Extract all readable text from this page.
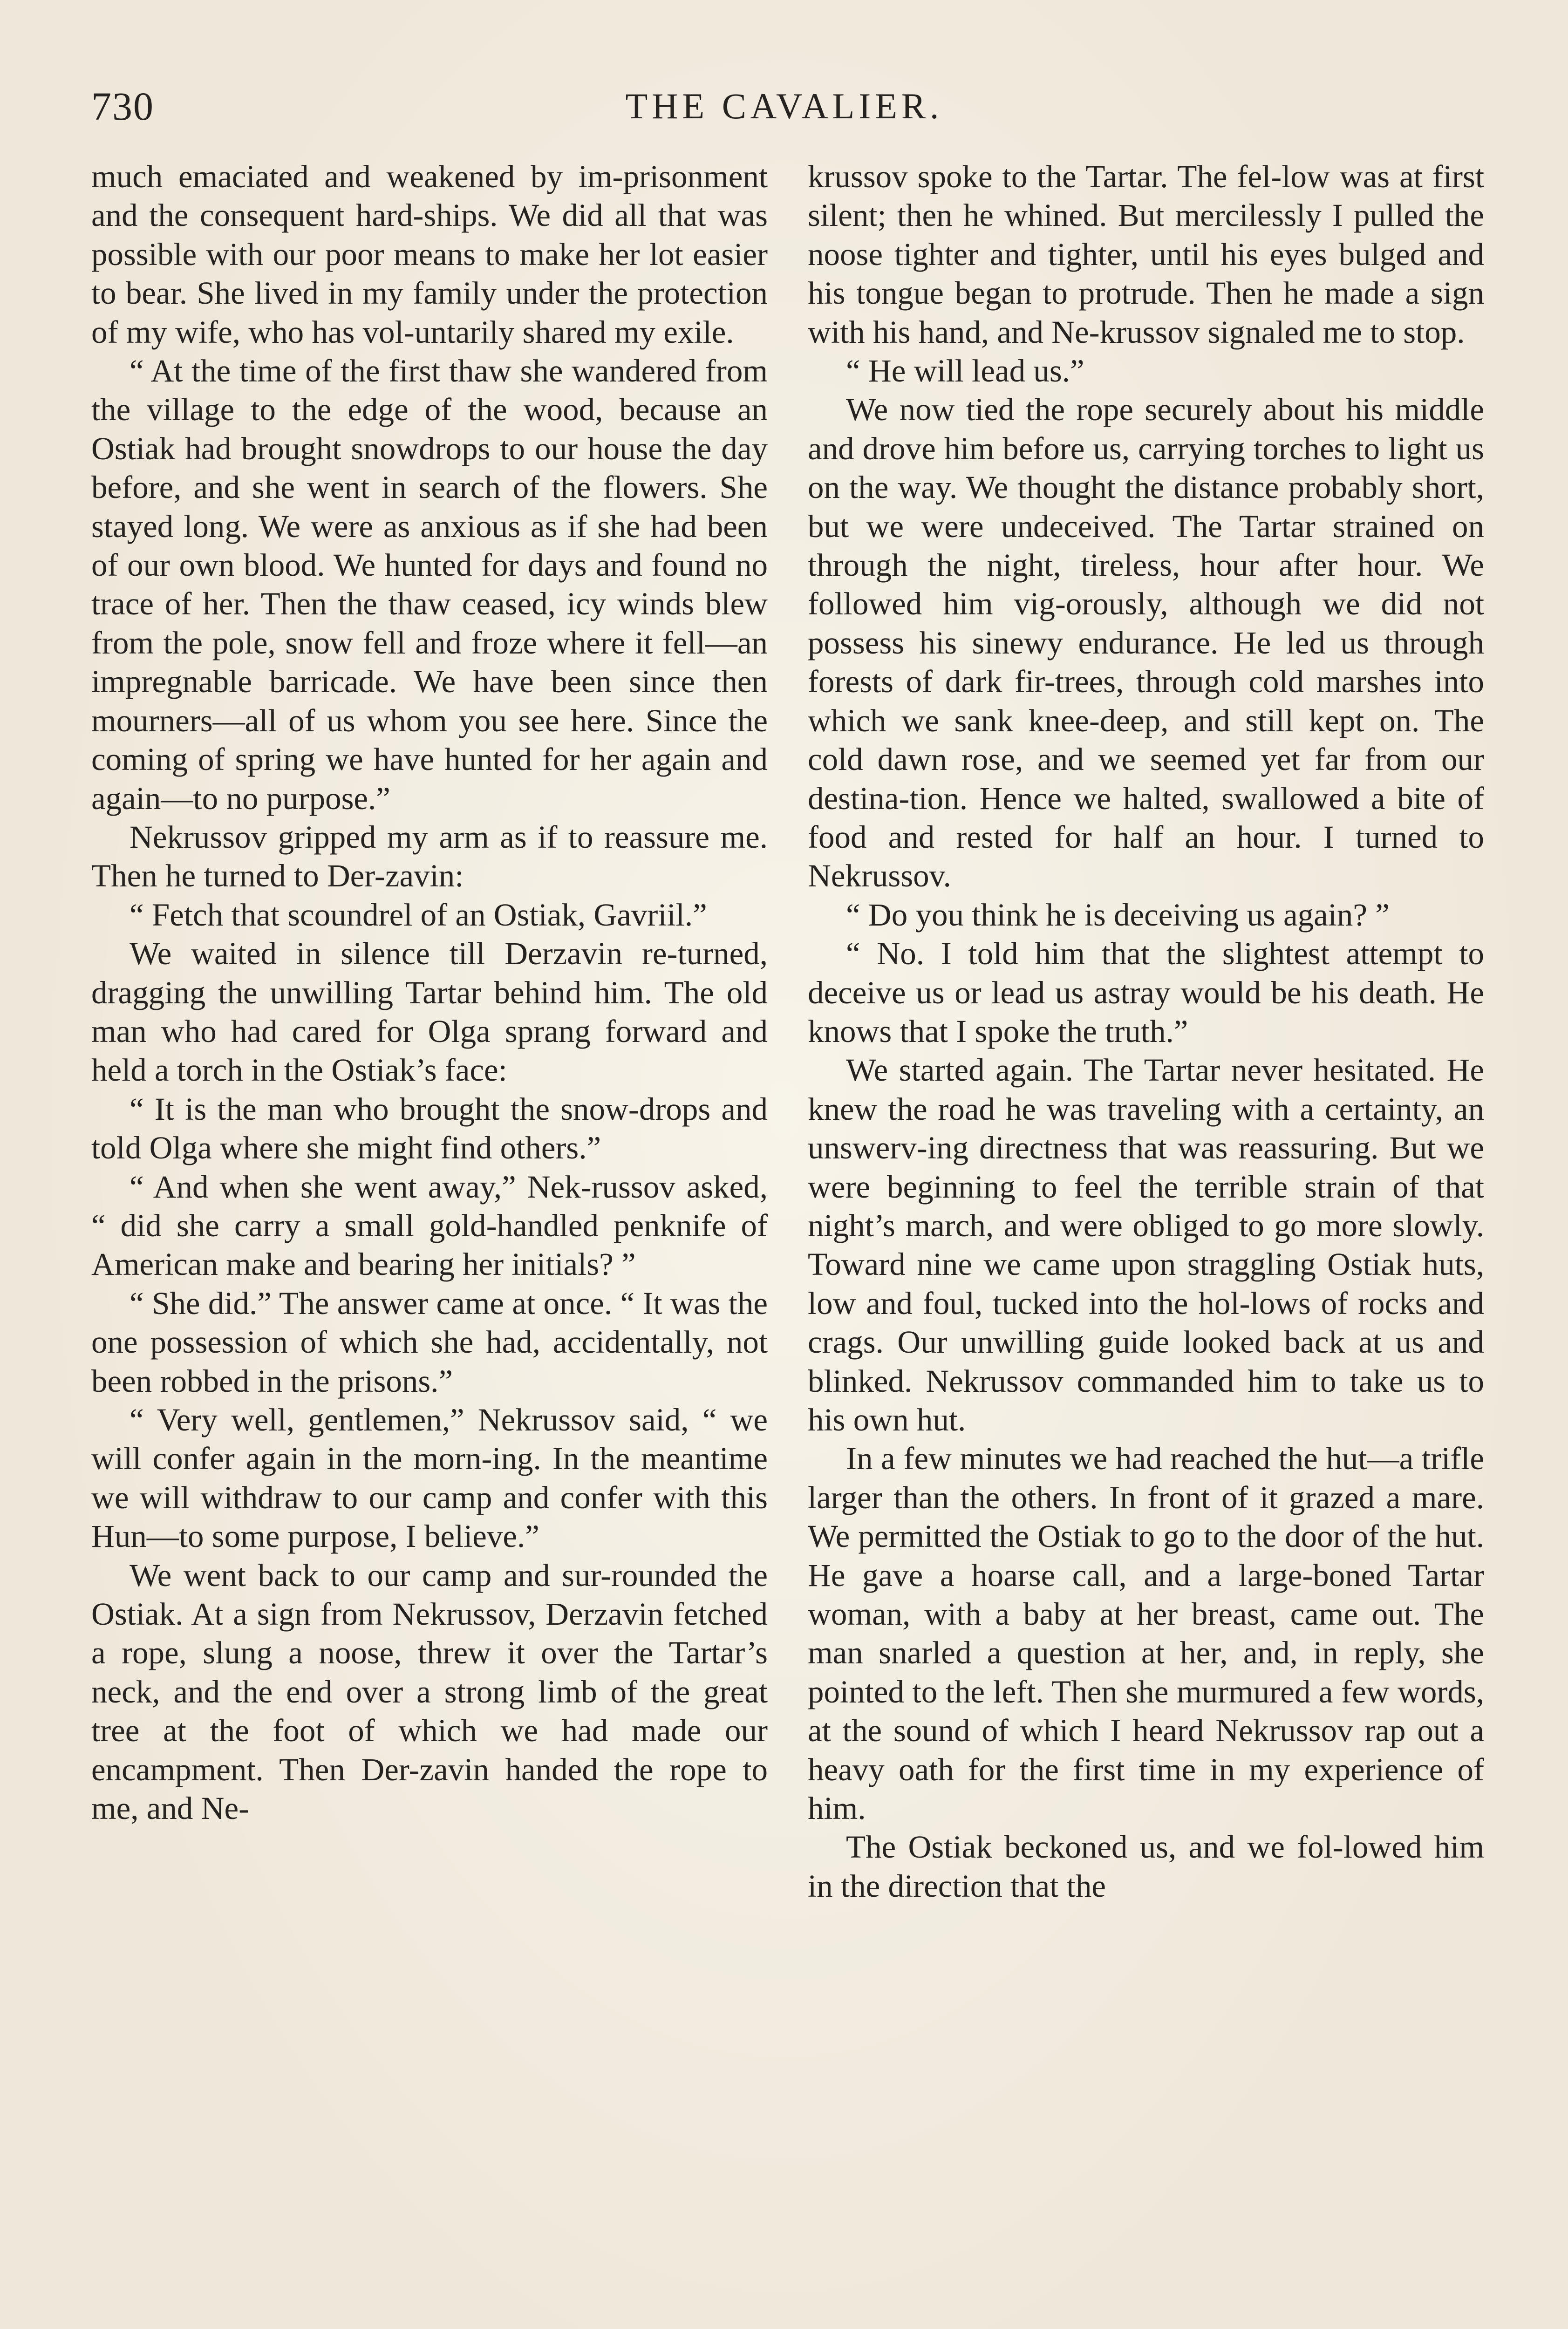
730	THE CAVALIER.

much emaciated and weakened by im-prisonment and the consequent hard-ships. We did all that was possible with our poor means to make her lot easier to bear. She lived in my family under the protection of my wife, who has vol-untarily shared my exile.

“ At the time of the first thaw she wandered from the village to the edge of the wood, because an Ostiak had brought snowdrops to our house the day before, and she went in search of the flowers. She stayed long. We were as anxious as if she had been of our own blood. We hunted for days and found no trace of her. Then the thaw ceased, icy winds blew from the pole, snow fell and froze where it fell—an impregnable barricade. We have been since then mourners—all of us whom you see here. Since the coming of spring we have hunted for her again and again—to no purpose.”

Nekrussov gripped my arm as if to reassure me. Then he turned to Der-zavin:

“ Fetch that scoundrel of an Ostiak, Gavriil.”

We waited in silence till Derzavin re-turned, dragging the unwilling Tartar behind him. The old man who had cared for Olga sprang forward and held a torch in the Ostiak’s face:

“ It is the man who brought the snow-drops and told Olga where she might find others.”

“ And when she went away,” Nek-russov asked, “ did she carry a small gold-handled penknife of American make and bearing her initials? ”

“ She did.” The answer came at once. “ It was the one possession of which she had, accidentally, not been robbed in the prisons.”

“ Very well, gentlemen,” Nekrussov said, “ we will confer again in the morn-ing. In the meantime we will withdraw to our camp and confer with this Hun—to some purpose, I believe.”

We went back to our camp and sur-rounded the Ostiak. At a sign from Nekrussov, Derzavin fetched a rope, slung a noose, threw it over the Tartar’s neck, and the end over a strong limb of the great tree at the foot of which we had made our encampment. Then Der-zavin handed the rope to me, and Ne-

krussov spoke to the Tartar. The fel-low was at first silent; then he whined. But mercilessly I pulled the noose tighter and tighter, until his eyes bulged and his tongue began to protrude. Then he made a sign with his hand, and Ne-krussov signaled me to stop.

“ He will lead us.”

We now tied the rope securely about his middle and drove him before us, carrying torches to light us on the way. We thought the distance probably short, but we were undeceived. The Tartar strained on through the night, tireless, hour after hour. We followed him vig-orously, although we did not possess his sinewy endurance. He led us through forests of dark fir-trees, through cold marshes into which we sank knee-deep, and still kept on. The cold dawn rose, and we seemed yet far from our destina-tion. Hence we halted, swallowed a bite of food and rested for half an hour. I turned to Nekrussov.

“ Do you think he is deceiving us again? ”

“ No. I told him that the slightest attempt to deceive us or lead us astray would be his death. He knows that I spoke the truth.”

We started again. The Tartar never hesitated. He knew the road he was traveling with a certainty, an unswerv-ing directness that was reassuring. But we were beginning to feel the terrible strain of that night’s march, and were obliged to go more slowly. Toward nine we came upon straggling Ostiak huts, low and foul, tucked into the hol-lows of rocks and crags. Our unwilling guide looked back at us and blinked. Nekrussov commanded him to take us to his own hut.

In a few minutes we had reached the hut—a trifle larger than the others. In front of it grazed a mare. We permitted the Ostiak to go to the door of the hut. He gave a hoarse call, and a large-boned Tartar woman, with a baby at her breast, came out. The man snarled a question at her, and, in reply, she pointed to the left. Then she murmured a few words, at the sound of which I heard Nekrussov rap out a heavy oath for the first time in my experience of him.

The Ostiak beckoned us, and we fol-lowed him in the direction that the
